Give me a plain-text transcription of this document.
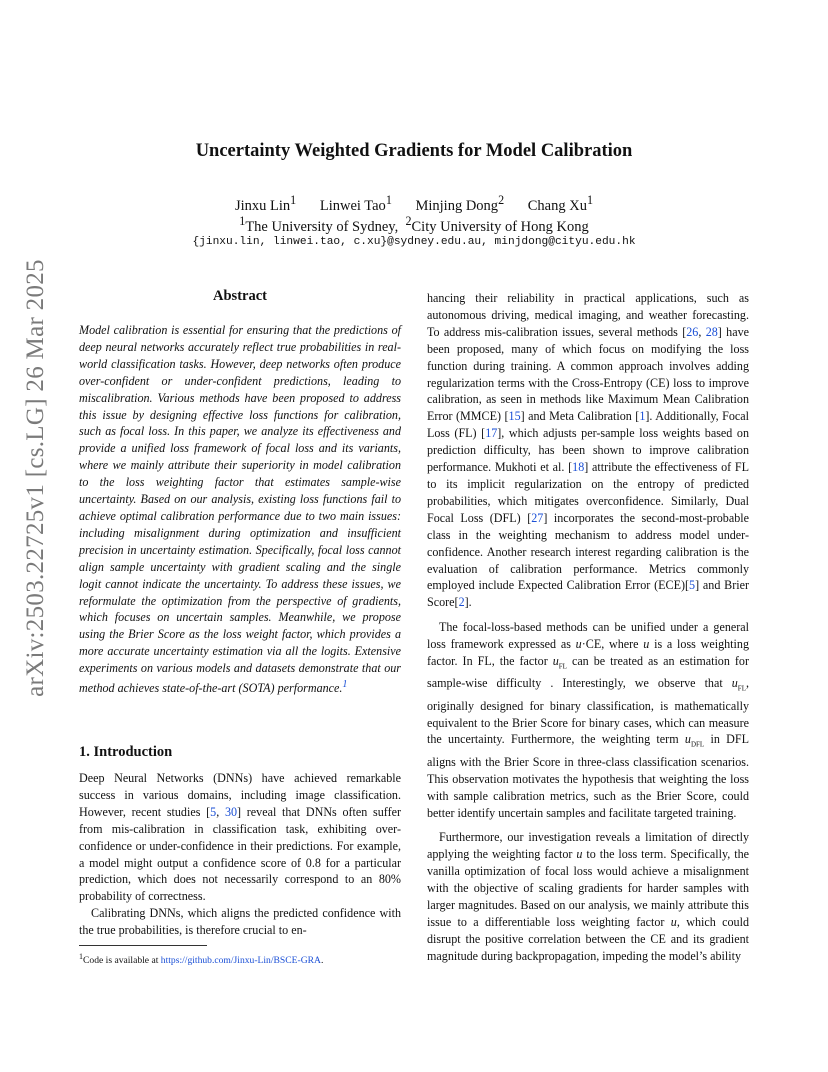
arXiv:2503.22725v1 [cs.LG] 26 Mar 2025
Uncertainty Weighted Gradients for Model Calibration
Jinxu Lin$^1$ Linwei Tao$^1$ Minjing Dong$^2$ Chang Xu$^1$
$^1$The University of Sydney, $^2$City University of Hong Kong
{jinxu.lin, linwei.tao, c.xu}@sydney.edu.au, minjdong@cityu.edu.hk
Abstract
Model calibration is essential for ensuring that the predictions of deep neural networks accurately reflect true probabilities in real-world classification tasks. However, deep networks often produce over-confident or under-confident predictions, leading to miscalibration. Various methods have been proposed to address this issue by designing effective loss functions for calibration, such as focal loss. In this paper, we analyze its effectiveness and provide a unified loss framework of focal loss and its variants, where we mainly attribute their superiority in model calibration to the loss weighting factor that estimates sample-wise uncertainty. Based on our analysis, existing loss functions fail to achieve optimal calibration performance due to two main issues: including misalignment during optimization and insufficient precision in uncertainty estimation. Specifically, focal loss cannot align sample uncertainty with gradient scaling and the single logit cannot indicate the uncertainty. To address these issues, we reformulate the optimization from the perspective of gradients, which focuses on uncertain samples. Meanwhile, we propose using the Brier Score as the loss weight factor, which provides a more accurate uncertainty estimation via all the logits. Extensive experiments on various models and datasets demonstrate that our method achieves state-of-the-art (SOTA) performance.$^1$
1. Introduction

Deep Neural Networks (DNNs) have achieved remarkable success in various domains, including image classification. However, recent studies [5, 30] reveal that DNNs often suffer from mis-calibration in classification task, exhibiting over-confidence or under-confidence in their predictions. For example, a model might output a confidence score of 0.8 for a particular prediction, which does not necessarily correspond to an 80% probability of correctness.

Calibrating DNNs, which aligns the predicted confidence with the true probabilities, is therefore crucial to en-

$^1$Code is available at https://github.com/Jinxu-Lin/BSCE-GRA.

hancing their reliability in practical applications, such as autonomous driving, medical imaging, and weather forecasting. To address mis-calibration issues, several methods [26, 28] have been proposed, many of which focus on modifying the loss function during training. A common approach involves adding regularization terms with the Cross-Entropy (CE) loss to improve calibration, as seen in methods like Maximum Mean Calibration Error (MMCE) [15] and Meta Calibration [1]. Additionally, Focal Loss (FL) [17], which adjusts per-sample loss weights based on prediction difficulty, has been shown to improve calibration performance. Mukhoti et al. [18] attribute the effectiveness of FL to its implicit regularization on the entropy of predicted probabilities, which mitigates overconfidence. Similarly, Dual Focal Loss (DFL) [27] incorporates the second-most-probable class in the weighting mechanism to address model under-confidence. Another research interest regarding calibration is the evaluation of calibration performance. Metrics commonly employed include Expected Calibration Error (ECE)[5] and Brier Score[2].

The focal-loss-based methods can be unified under a general loss framework expressed as u·CE, where u is a loss weighting factor. In FL, the factor $u_{FL}$ can be treated as an estimation for sample-wise difficulty . Interestingly, we observe that $u_{FL}$, originally designed for binary classification, is mathematically equivalent to the Brier Score for binary cases, which can measure the uncertainty. Furthermore, the weighting term $u_{DFL}$ in DFL aligns with the Brier Score in three-class classification scenarios. This observation motivates the hypothesis that weighting the loss with sample calibration metrics, such as the Brier Score, could better identify uncertain samples and facilitate targeted training.

Furthermore, our investigation reveals a limitation of directly applying the weighting factor u to the loss term. Specifically, the vanilla optimization of focal loss would achieve a misalignment with the objective of scaling gradients for harder samples with larger magnitudes. Based on our analysis, we mainly attribute this issue to a differentiable loss weighting factor u, which could disrupt the positive correlation between the CE and its gradient magnitude during backpropagation, impeding the model’s ability
